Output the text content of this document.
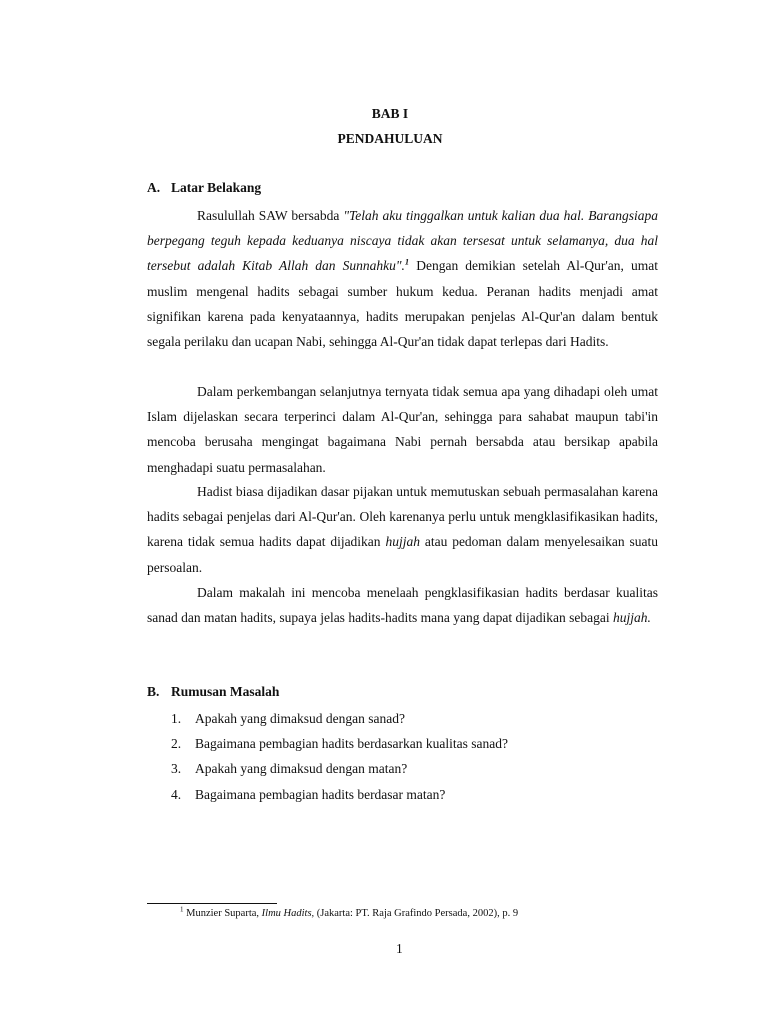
BAB I
PENDAHULUAN
A. Latar Belakang

Rasulullah SAW bersabda "Telah aku tinggalkan untuk kalian dua hal. Barangsiapa berpegang teguh kepada keduanya niscaya tidak akan tersesat untuk selamanya, dua hal tersebut adalah Kitab Allah dan Sunnahku".$^1$ Dengan demikian setelah Al-Qur'an, umat muslim mengenal hadits sebagai sumber hukum kedua. Peranan hadits menjadi amat signifikan karena pada kenyataannya, hadits merupakan penjelas Al-Qur'an dalam bentuk segala perilaku dan ucapan Nabi, sehingga Al-Qur'an tidak dapat terlepas dari Hadits.

Dalam perkembangan selanjutnya ternyata tidak semua apa yang dihadapi oleh umat Islam dijelaskan secara terperinci dalam Al-Qur'an, sehingga para sahabat maupun tabi'in mencoba berusaha mengingat bagaimana Nabi pernah bersabda atau bersikap apabila menghadapi suatu permasalahan.

Hadist biasa dijadikan dasar pijakan untuk memutuskan sebuah permasalahan karena hadits sebagai penjelas dari Al-Qur'an. Oleh karenanya perlu untuk mengklasifikasikan hadits, karena tidak semua hadits dapat dijadikan hujjah atau pedoman dalam menyelesaikan suatu persoalan.

Dalam makalah ini mencoba menelaah pengklasifikasian hadits berdasar kualitas sanad dan matan hadits, supaya jelas hadits-hadits mana yang dapat dijadikan sebagai hujjah.

B. Rumusan Masalah
1. Apakah yang dimaksud dengan sanad?
2. Bagaimana pembagian hadits berdasarkan kualitas sanad?
3. Apakah yang dimaksud dengan matan?
4. Bagaimana pembagian hadits berdasar matan?
$^1$ Munzier Suparta, Ilmu Hadits, (Jakarta: PT. Raja Grafindo Persada, 2002), p. 9
1
